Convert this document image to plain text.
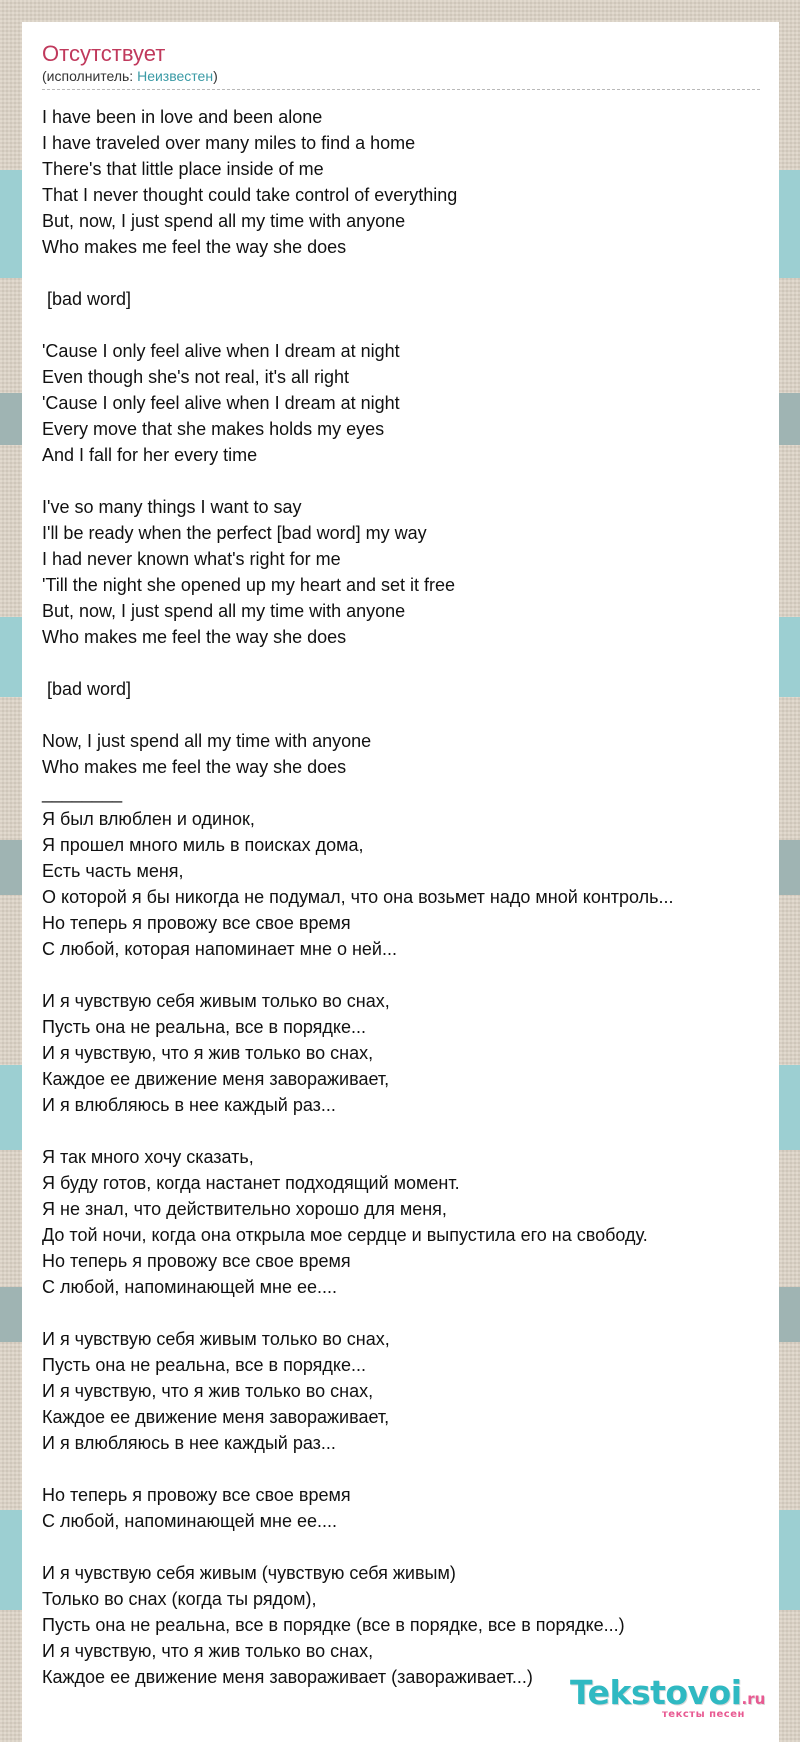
Отсутствует
(исполнитель: Неизвестен)
I have been in love and been alone
I have traveled over many miles to find a home
There's that little place inside of me
That I never thought could take control of everything
But, now, I just spend all my time with anyone
Who makes me feel the way she does
[bad word]
'Cause I only feel alive when I dream at night
Even though she's not real, it's all right
'Cause I only feel alive when I dream at night
Every move that she makes holds my eyes
And I fall for her every time
I've so many things I want to say
I'll be ready when the perfect [bad word] my way
I had never known what's right for me
'Till the night she opened up my heart and set it free
But, now, I just spend all my time with anyone
Who makes me feel the way she does
[bad word]
Now, I just spend all my time with anyone
Who makes me feel the way she does
________
Я был влюблен и одинок,
Я прошел много миль в поисках дома,
Есть часть меня,
О которой я бы никогда не подумал, что она возьмет надо мной контроль...
Но теперь я провожу все свое время
С любой, которая напоминает мне о ней...
И я чувствую себя живым только во снах,
Пусть она не реальна, все в порядке...
И я чувствую, что я жив только во снах,
Каждое ее движение меня завораживает,
И я влюбляюсь в нее каждый раз...
Я так много хочу сказать,
Я буду готов, когда настанет подходящий момент.
Я не знал, что действительно хорошо для меня,
До той ночи, когда она открыла мое сердце и выпустила его на свободу.
Но теперь я провожу все свое время
С любой, напоминающей мне ее....
И я чувствую себя живым только во снах,
Пусть она не реальна, все в порядке...
И я чувствую, что я жив только во снах,
Каждое ее движение меня завораживает,
И я влюбляюсь в нее каждый раз...
Но теперь я провожу все свое время
С любой, напоминающей мне ее....
И я чувствую себя живым (чувствую себя живым)
Только во снах (когда ты рядом),
Пусть она не реальна, все в порядке (все в порядке, все в порядке...)
И я чувствую, что я жив только во снах,
Каждое ее движение меня завораживает (завораживает...)	Tekstovoi.ru
тексты песен
